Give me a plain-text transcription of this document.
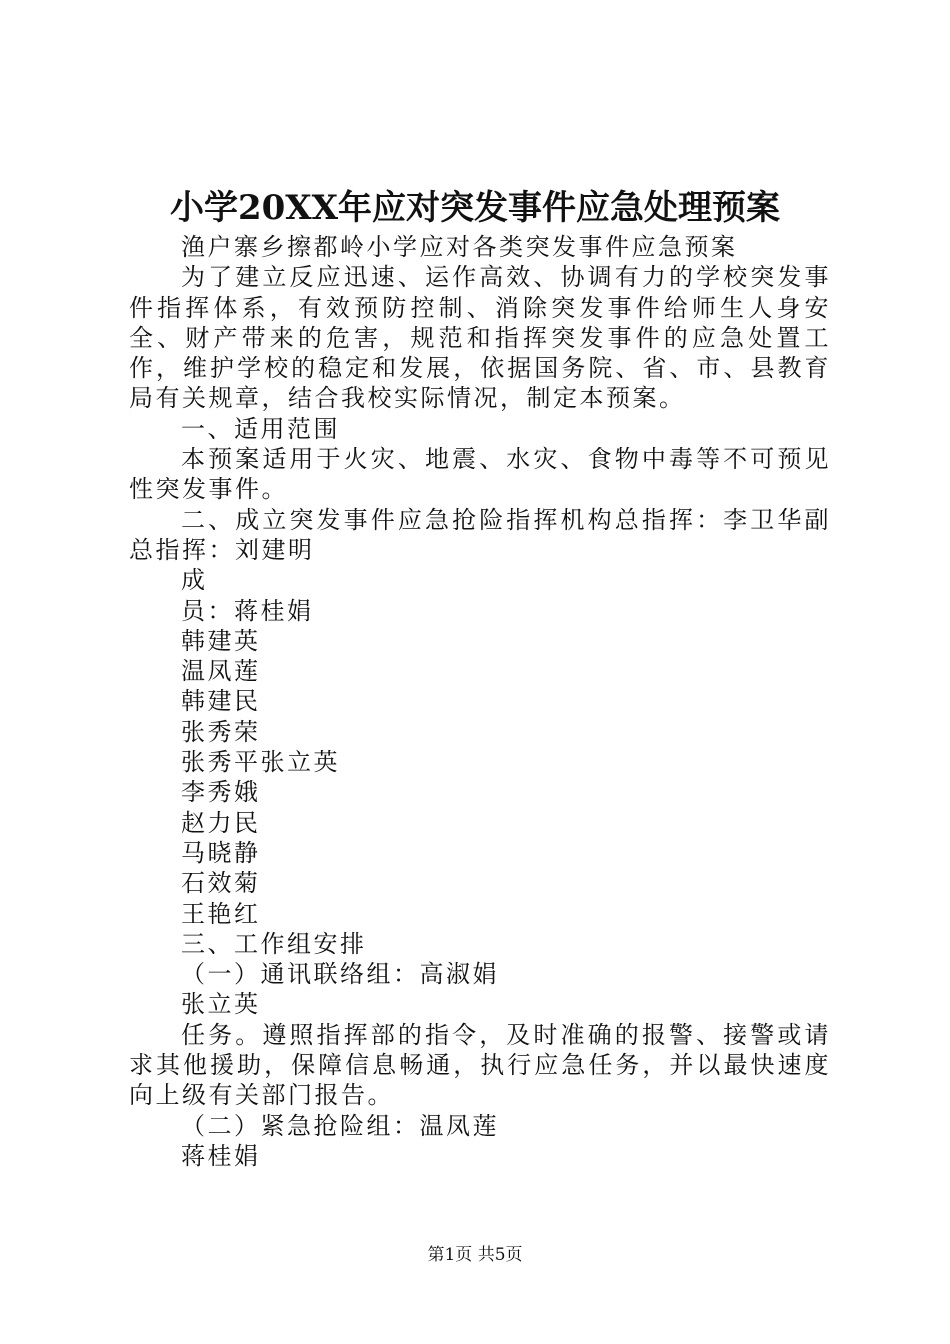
小学20XX年应对突发事件应急处理预案

渔户寨乡擦都岭小学应对各类突发事件应急预案

为了建立反应迅速、运作高效、协调有力的学校突发事件指挥体系，有效预防控制、消除突发事件给师生人身安全、财产带来的危害，规范和指挥突发事件的应急处置工作，维护学校的稳定和发展，依据国务院、省、市、县教育局有关规章，结合我校实际情况，制定本预案。

一、适用范围

本预案适用于火灾、地震、水灾、食物中毒等不可预见性突发事件。

二、成立突发事件应急抢险指挥机构总指挥：李卫华副总指挥：刘建明

成

员：蒋桂娟

韩建英

温凤莲

韩建民

张秀荣

张秀平张立英

李秀娥

赵力民

马晓静

石效菊

王艳红

三、工作组安排

（一）通讯联络组：高淑娟

张立英

任务。遵照指挥部的指令，及时准确的报警、接警或请求其他援助，保障信息畅通，执行应急任务，并以最快速度向上级有关部门报告。

（二）紧急抢险组：温凤莲

蒋桂娟

第1页 共5页
